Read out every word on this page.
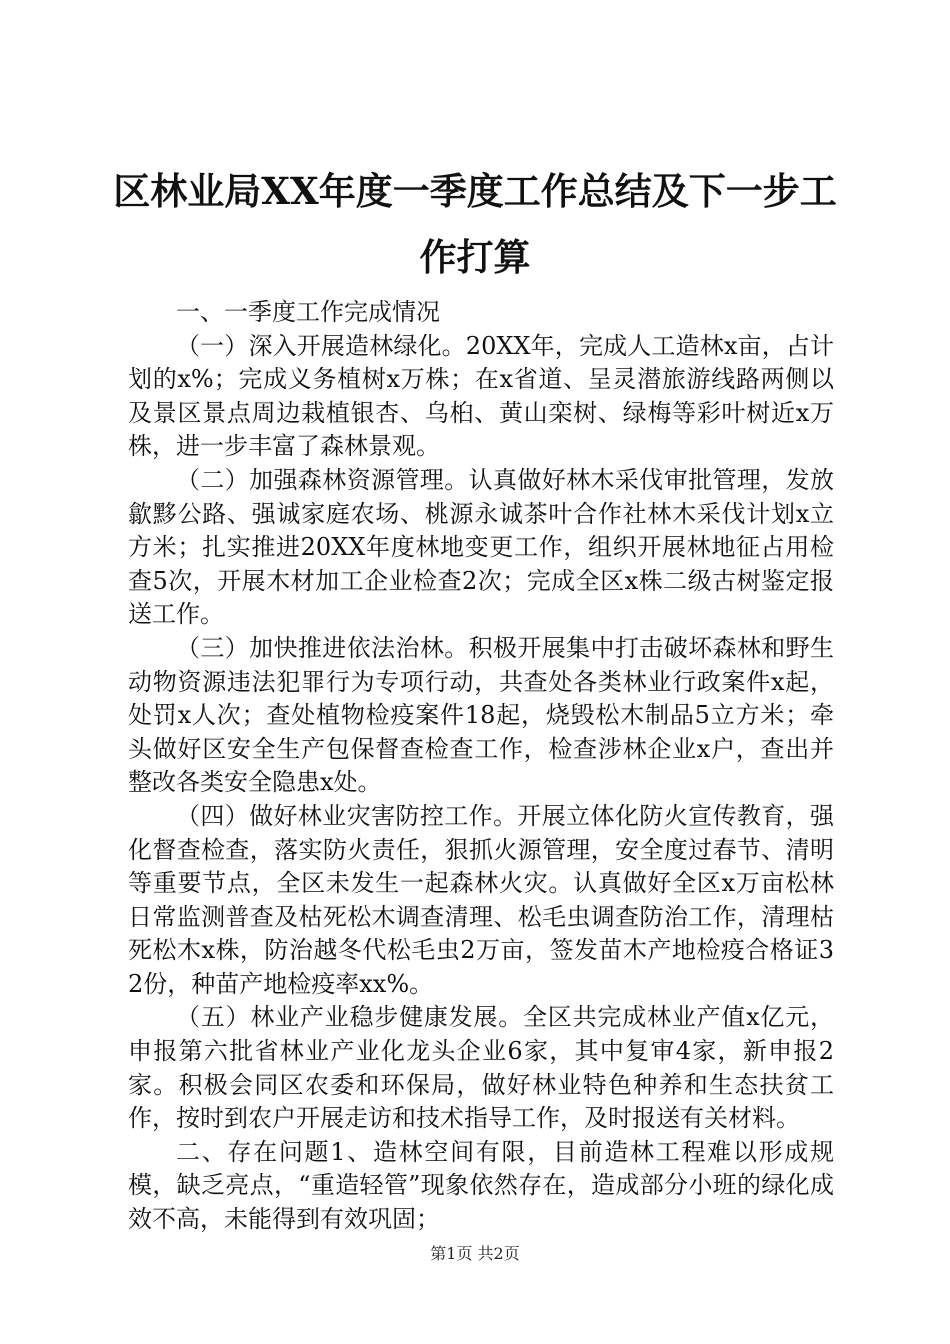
区林业局XX年度一季度工作总结及下一步工作打算

一、一季度工作完成情况

（一）深入开展造林绿化。20XX年，完成人工造林x亩，占计划的x%；完成义务植树x万株；在x省道、呈灵潜旅游线路两侧以及景区景点周边栽植银杏、乌桕、黄山栾树、绿梅等彩叶树近x万株，进一步丰富了森林景观。

（二）加强森林资源管理。认真做好林木采伐审批管理，发放歙黟公路、强诚家庭农场、桃源永诚茶叶合作社林木采伐计划x立方米；扎实推进20XX年度林地变更工作，组织开展林地征占用检查5次，开展木材加工企业检查2次；完成全区x株二级古树鉴定报送工作。

（三）加快推进依法治林。积极开展集中打击破坏森林和野生动物资源违法犯罪行为专项行动，共查处各类林业行政案件x起，处罚x人次；查处植物检疫案件18起，烧毁松木制品5立方米；牵头做好区安全生产包保督查检查工作，检查涉林企业x户，查出并整改各类安全隐患x处。

（四）做好林业灾害防控工作。开展立体化防火宣传教育，强化督查检查，落实防火责任，狠抓火源管理，安全度过春节、清明等重要节点，全区未发生一起森林火灾。认真做好全区x万亩松林日常监测普查及枯死松木调查清理、松毛虫调查防治工作，清理枯死松木x株，防治越冬代松毛虫2万亩，签发苗木产地检疫合格证32份，种苗产地检疫率xx%。

（五）林业产业稳步健康发展。全区共完成林业产值x亿元，申报第六批省林业产业化龙头企业6家，其中复审4家，新申报2家。积极会同区农委和环保局，做好林业特色种养和生态扶贫工作，按时到农户开展走访和技术指导工作，及时报送有关材料。

二、存在问题1、造林空间有限，目前造林工程难以形成规模，缺乏亮点，“重造轻管”现象依然存在，造成部分小班的绿化成效不高，未能得到有效巩固；

第1页 共2页
